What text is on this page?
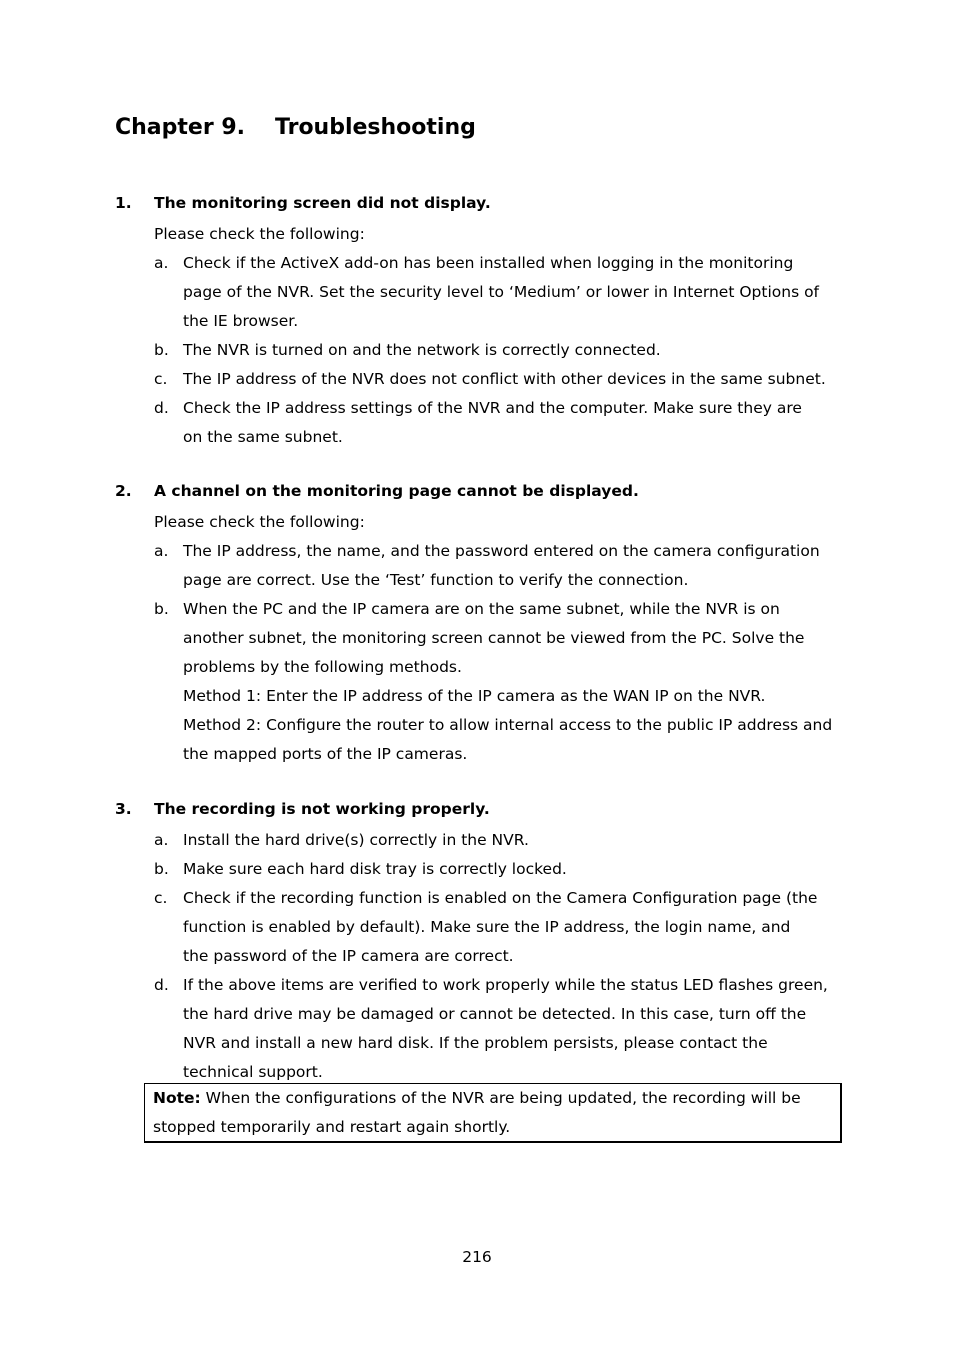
Chapter 9. Troubleshooting
1. The monitoring screen did not display.
Please check the following:
a. Check if the ActiveX add-on has been installed when logging in the monitoring
page of the NVR. Set the security level to ‘Medium’ or lower in Internet Options of
the IE browser.
b. The NVR is turned on and the network is correctly connected.
c. The IP address of the NVR does not conflict with other devices in the same subnet.
d. Check the IP address settings of the NVR and the computer. Make sure they are
on the same subnet.
2. A channel on the monitoring page cannot be displayed.
Please check the following:
a. The IP address, the name, and the password entered on the camera configuration
page are correct. Use the ‘Test’ function to verify the connection.
b. When the PC and the IP camera are on the same subnet, while the NVR is on
another subnet, the monitoring screen cannot be viewed from the PC. Solve the
problems by the following methods.
Method 1: Enter the IP address of the IP camera as the WAN IP on the NVR.
Method 2: Configure the router to allow internal access to the public IP address and
the mapped ports of the IP cameras.
3. The recording is not working properly.
a. Install the hard drive(s) correctly in the NVR.
b. Make sure each hard disk tray is correctly locked.
c. Check if the recording function is enabled on the Camera Configuration page (the
function is enabled by default). Make sure the IP address, the login name, and
the password of the IP camera are correct.
d. If the above items are verified to work properly while the status LED flashes green,
the hard drive may be damaged or cannot be detected. In this case, turn off the
NVR and install a new hard disk. If the problem persists, please contact the
technical support.
Note: When the configurations of the NVR are being updated, the recording will be
stopped temporarily and restart again shortly.
216
